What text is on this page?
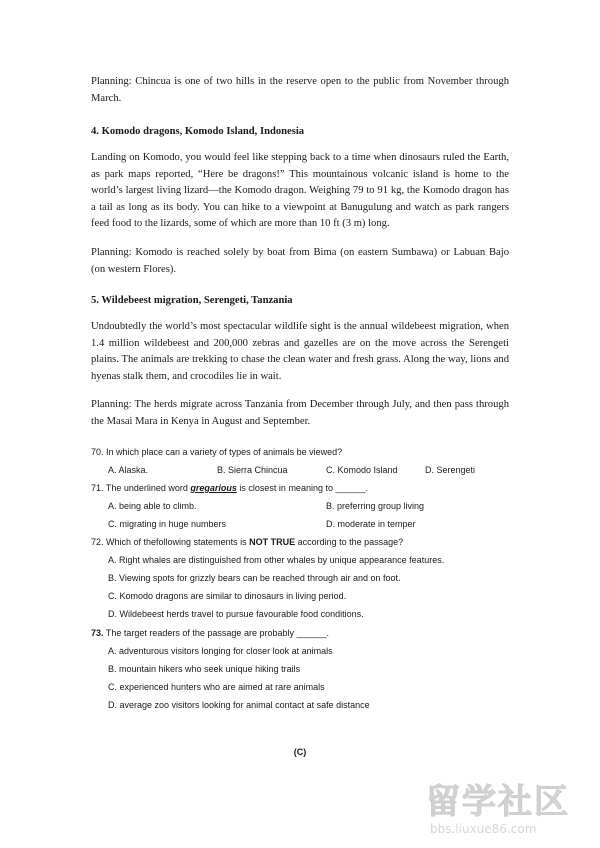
Planning: Chincua is one of two hills in the reserve open to the public from November through March.

4. Komodo dragons, Komodo Island, Indonesia

Landing on Komodo, you would feel like stepping back to a time when dinosaurs ruled the Earth, as park maps reported, “Here be dragons!” This mountainous volcanic island is home to the world’s largest living lizard—the Komodo dragon. Weighing 79 to 91 kg, the Komodo dragon has a tail as long as its body. You can hike to a viewpoint at Banugulung and watch as park rangers feed food to the lizards, some of which are more than 10 ft (3 m) long.

Planning: Komodo is reached solely by boat from Bima (on eastern Sumbawa) or Labuan Bajo (on western Flores).

5. Wildebeest migration, Serengeti, Tanzania

Undoubtedly the world’s most spectacular wildlife sight is the annual wildebeest migration, when 1.4 million wildebeest and 200,000 zebras and gazelles are on the move across the Serengeti plains. The animals are trekking to chase the clean water and fresh grass. Along the way, lions and hyenas stalk them, and crocodiles lie in wait.

Planning: The herds migrate across Tanzania from December through July, and then pass through the Masai Mara in Kenya in August and September.

70. In which place can a variety of types of animals be viewed?

A. Alaska.	B. Sierra Chincua	C. Komodo Island	D. Serengeti

71. The underlined word gregarious is closest in meaning to ______.

A. being able to climb.	B. preferring group living

C. migrating in huge numbers	D. moderate in temper

72. Which of thefollowing statements is NOT TRUE according to the passage?

A. Right whales are distinguished from other whales by unique appearance features.

B. Viewing spots for grizzly bears can be reached through air and on foot.

C. Komodo dragons are similar to dinosaurs in living period.

D. Wildebeest herds travel to pursue favourable food conditions.

73. The target readers of the passage are probably ______.

A. adventurous visitors longing for closer look at animals

B. mountain hikers who seek unique hiking trails

C. experienced hunters who are aimed at rare animals

D. average zoo visitors looking for animal contact at safe distance

(C)

留学社区
bbs.liuxue86.com
